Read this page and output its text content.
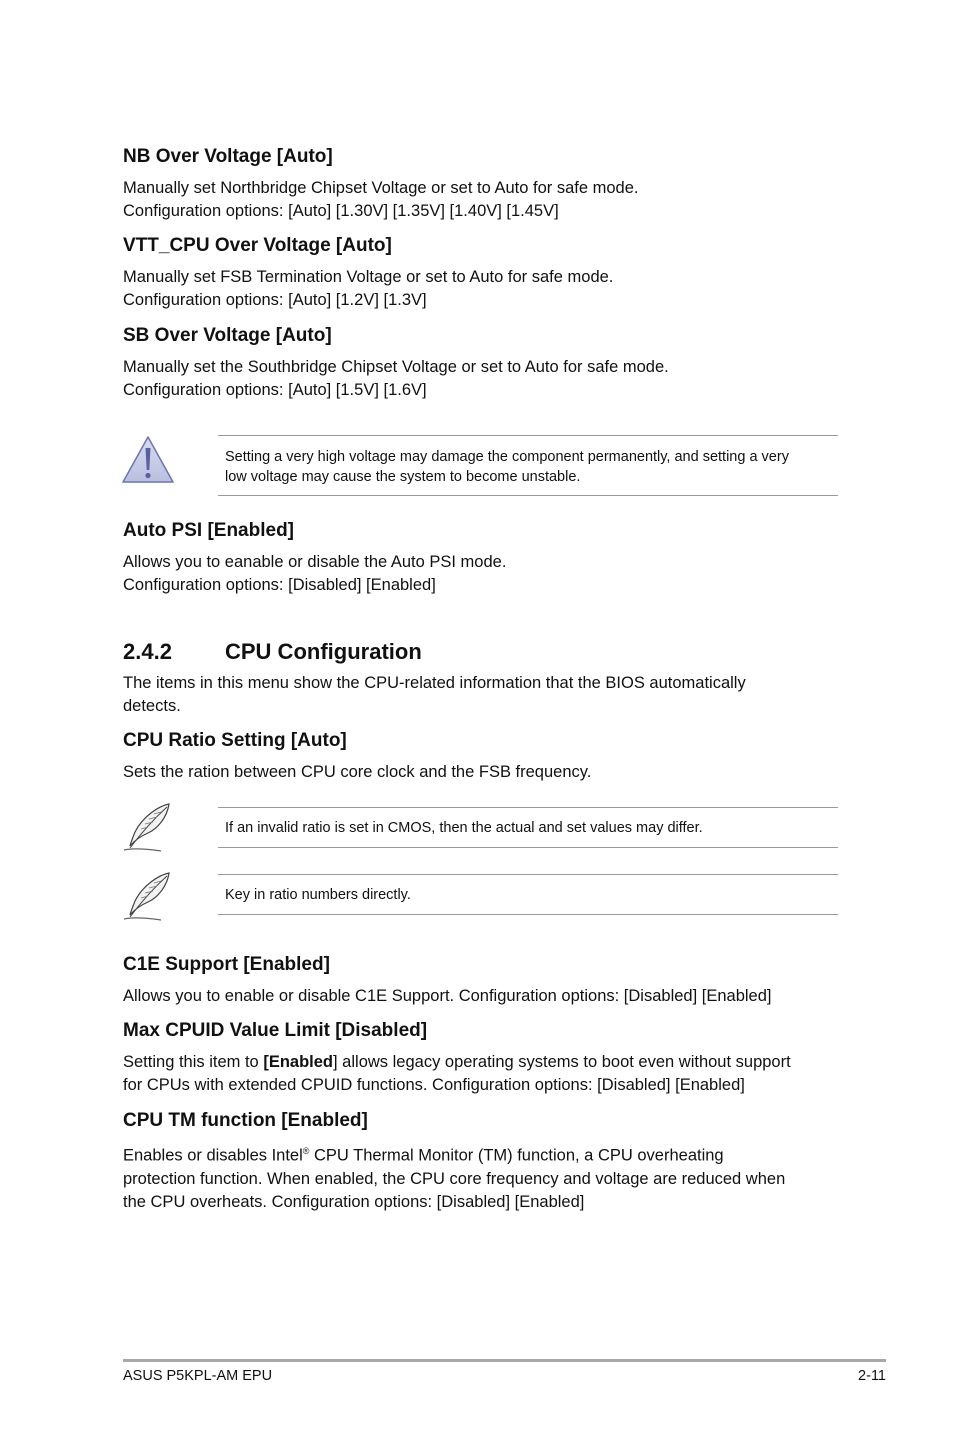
NB Over Voltage [Auto]
Manually set Northbridge Chipset Voltage or set to Auto for safe mode.
Configuration options: [Auto] [1.30V] [1.35V] [1.40V] [1.45V]
VTT_CPU Over Voltage [Auto]
Manually set FSB Termination Voltage or set to Auto for safe mode.
Configuration options: [Auto] [1.2V] [1.3V]
SB Over Voltage [Auto]
Manually set the Southbridge Chipset Voltage or set to Auto for safe mode.
Configuration options: [Auto] [1.5V] [1.6V]
Setting a very high voltage may damage the component permanently, and setting a very
low voltage may cause the system to become unstable.
Auto PSI [Enabled]
Allows you to eanable or disable the Auto PSI mode.
Configuration options: [Disabled] [Enabled]
2.4.2 CPU Configuration
The items in this menu show the CPU-related information that the BIOS automatically
detects.
CPU Ratio Setting [Auto]
Sets the ration between CPU core clock and the FSB frequency.
If an invalid ratio is set in CMOS, then the actual and set values may differ.
Key in ratio numbers directly.
C1E Support [Enabled]
Allows you to enable or disable C1E Support. Configuration options: [Disabled] [Enabled]
Max CPUID Value Limit [Disabled]
Setting this item to [Enabled] allows legacy operating systems to boot even without support
for CPUs with extended CPUID functions. Configuration options: [Disabled] [Enabled]
CPU TM function [Enabled]
Enables or disables Intel® CPU Thermal Monitor (TM) function, a CPU overheating
protection function. When enabled, the CPU core frequency and voltage are reduced when
the CPU overheats. Configuration options: [Disabled] [Enabled]
ASUS P5KPL-AM EPU	2-11
